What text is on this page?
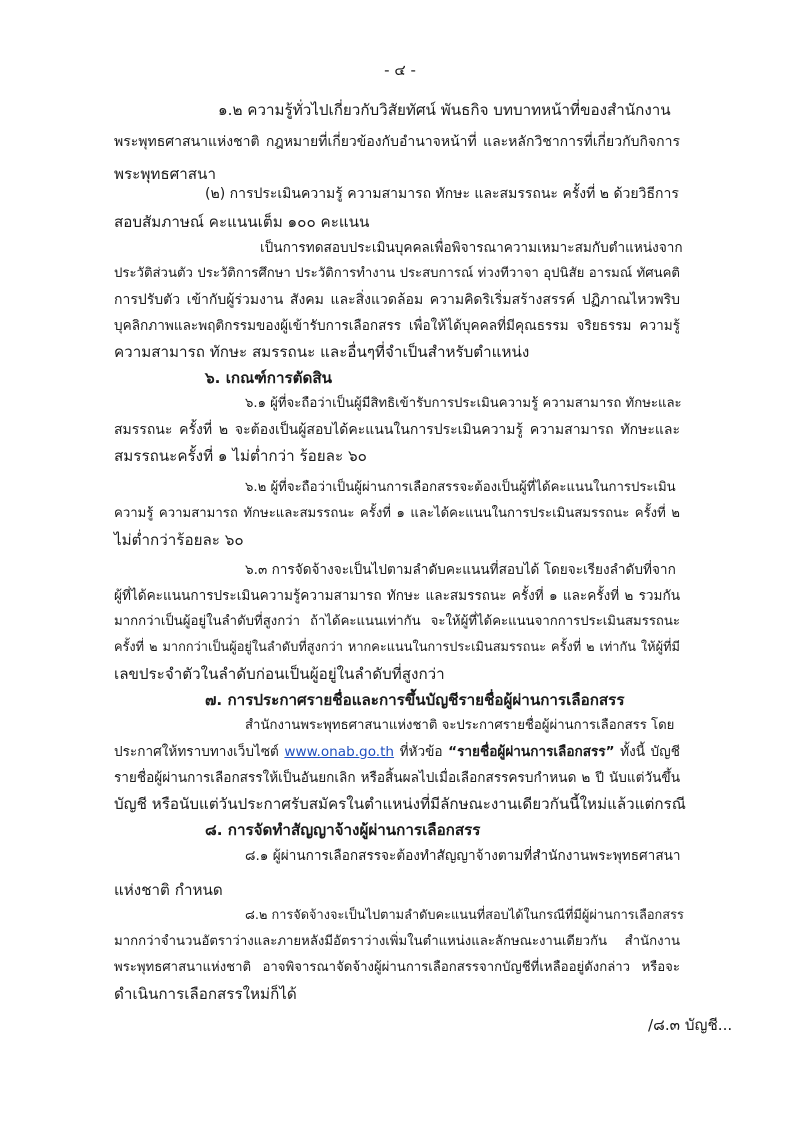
- ๔ -
๑.๒ ความรู้ทั่วไปเกี่ยวกับวิสัยทัศน์ พันธกิจ บทบาทหน้าที่ของสำนักงาน
พระพุทธศาสนาแห่งชาติ กฎหมายที่เกี่ยวข้องกับอำนาจหน้าที่ และหลักวิชาการที่เกี่ยวกับกิจการ
พระพุทธศาสนา
(๒) การประเมินความรู้ ความสามารถ ทักษะ และสมรรถนะ ครั้งที่ ๒ ด้วยวิธีการ
สอบสัมภาษณ์ คะแนนเต็ม ๑๐๐ คะแนน
เป็นการทดสอบประเมินบุคคลเพื่อพิจารณาความเหมาะสมกับตำแหน่งจาก
ประวัติส่วนตัว ประวัติการศึกษา ประวัติการทำงาน ประสบการณ์ ท่วงทีวาจา อุปนิสัย อารมณ์ ทัศนคติ
การปรับตัว เข้ากับผู้ร่วมงาน สังคม และสิ่งแวดล้อม ความคิดริเริ่มสร้างสรรค์ ปฏิภาณไหวพริบ
บุคลิกภาพและพฤติกรรมของผู้เข้ารับการเลือกสรร เพื่อให้ได้บุคคลที่มีคุณธรรม จริยธรรม ความรู้
ความสามารถ ทักษะ สมรรถนะ และอื่นๆที่จำเป็นสำหรับตำแหน่ง
๖. เกณฑ์การตัดสิน
๖.๑ ผู้ที่จะถือว่าเป็นผู้มีสิทธิเข้ารับการประเมินความรู้ ความสามารถ ทักษะและ
สมรรถนะ ครั้งที่ ๒ จะต้องเป็นผู้สอบได้คะแนนในการประเมินความรู้ ความสามารถ ทักษะและ
สมรรถนะครั้งที่ ๑ ไม่ต่ำกว่า ร้อยละ ๖๐
๖.๒ ผู้ที่จะถือว่าเป็นผู้ผ่านการเลือกสรรจะต้องเป็นผู้ที่ได้คะแนนในการประเมิน
ความรู้ ความสามารถ ทักษะและสมรรถนะ ครั้งที่ ๑ และได้คะแนนในการประเมินสมรรถนะ ครั้งที่ ๒
ไม่ต่ำกว่าร้อยละ ๖๐
๖.๓ การจัดจ้างจะเป็นไปตามลำดับคะแนนที่สอบได้ โดยจะเรียงลำดับที่จาก
ผู้ที่ได้คะแนนการประเมินความรู้ความสามารถ ทักษะ และสมรรถนะ ครั้งที่ ๑ และครั้งที่ ๒ รวมกัน
มากกว่าเป็นผู้อยู่ในลำดับที่สูงกว่า ถ้าได้คะแนนเท่ากัน จะให้ผู้ที่ได้คะแนนจากการประเมินสมรรถนะ
ครั้งที่ ๒ มากกว่าเป็นผู้อยู่ในลำดับที่สูงกว่า หากคะแนนในการประเมินสมรรถนะ ครั้งที่ ๒ เท่ากัน ให้ผู้ที่มี
เลขประจำตัวในลำดับก่อนเป็นผู้อยู่ในลำดับที่สูงกว่า
๗. การประกาศรายชื่อและการขึ้นบัญชีรายชื่อผู้ผ่านการเลือกสรร
สำนักงานพระพุทธศาสนาแห่งชาติ จะประกาศรายชื่อผู้ผ่านการเลือกสรร โดย
ประกาศให้ทราบทางเว็บไซต์ www.onab.go.th ที่หัวข้อ “รายชื่อผู้ผ่านการเลือกสรร” ทั้งนี้ บัญชี
รายชื่อผู้ผ่านการเลือกสรรให้เป็นอันยกเลิก หรือสิ้นผลไปเมื่อเลือกสรรครบกำหนด ๒ ปี นับแต่วันขึ้น
บัญชี หรือนับแต่วันประกาศรับสมัครในตำแหน่งที่มีลักษณะงานเดียวกันนี้ใหม่แล้วแต่กรณี
๘. การจัดทำสัญญาจ้างผู้ผ่านการเลือกสรร
๘.๑ ผู้ผ่านการเลือกสรรจะต้องทำสัญญาจ้างตามที่สำนักงานพระพุทธศาสนา
แห่งชาติ กำหนด
๘.๒ การจัดจ้างจะเป็นไปตามลำดับคะแนนที่สอบได้ในกรณีที่มีผู้ผ่านการเลือกสรร
มากกว่าจำนวนอัตราว่างและภายหลังมีอัตราว่างเพิ่มในตำแหน่งและลักษณะงานเดียวกัน สำนักงาน
พระพุทธศาสนาแห่งชาติ อาจพิจารณาจัดจ้างผู้ผ่านการเลือกสรรจากบัญชีที่เหลืออยู่ดังกล่าว หรือจะ
ดำเนินการเลือกสรรใหม่ก็ได้
/๘.๓ บัญชี...
